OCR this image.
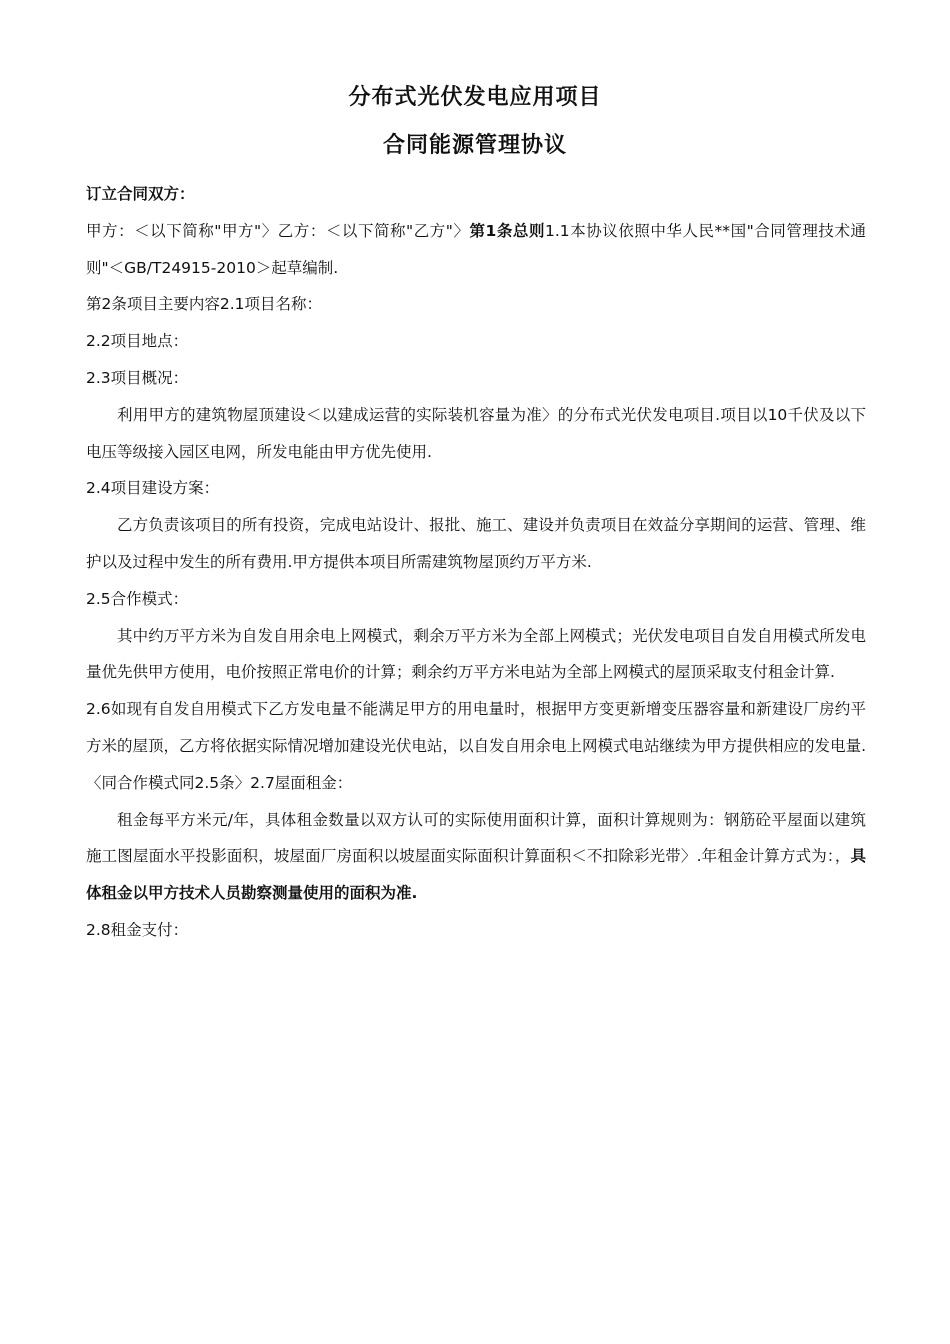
分布式光伏发电应用项目
合同能源管理协议

订立合同双方：

甲方：＜以下简称"甲方"〉乙方：＜以下简称"乙方"〉第1条总则1.1本协议依照中华人民**国"合同管理技术通则"＜GB/T24915-2010＞起草编制.

第2条项目主要内容2.1项目名称：

2.2项目地点：

2.3项目概况：

利用甲方的建筑物屋顶建设＜以建成运营的实际装机容量为准〉的分布式光伏发电项目.项目以10千伏及以下电压等级接入园区电网，所发电能由甲方优先使用.

2.4项目建设方案：

乙方负责该项目的所有投资，完成电站设计、报批、施工、建设并负责项目在效益分享期间的运营、管理、维护以及过程中发生的所有费用.甲方提供本项目所需建筑物屋顶约万平方米.

2.5合作模式：

其中约万平方米为自发自用余电上网模式，剩余万平方米为全部上网模式；光伏发电项目自发自用模式所发电量优先供甲方使用，电价按照正常电价的计算；剩余约万平方米电站为全部上网模式的屋顶采取支付租金计算.

2.6如现有自发自用模式下乙方发电量不能满足甲方的用电量时，根据甲方变更新增变压器容量和新建设厂房约平方米的屋顶，乙方将依据实际情况增加建设光伏电站，以自发自用余电上网模式电站继续为甲方提供相应的发电量.〈同合作模式同2.5条〉2.7屋面租金：

租金每平方米元/年，具体租金数量以双方认可的实际使用面积计算，面积计算规则为：钢筋砼平屋面以建筑施工图屋面水平投影面积，坡屋面厂房面积以坡屋面实际面积计算面积＜不扣除彩光带〉.年租金计算方式为：，具体租金以甲方技术人员勘察测量使用的面积为准.

2.8租金支付：
